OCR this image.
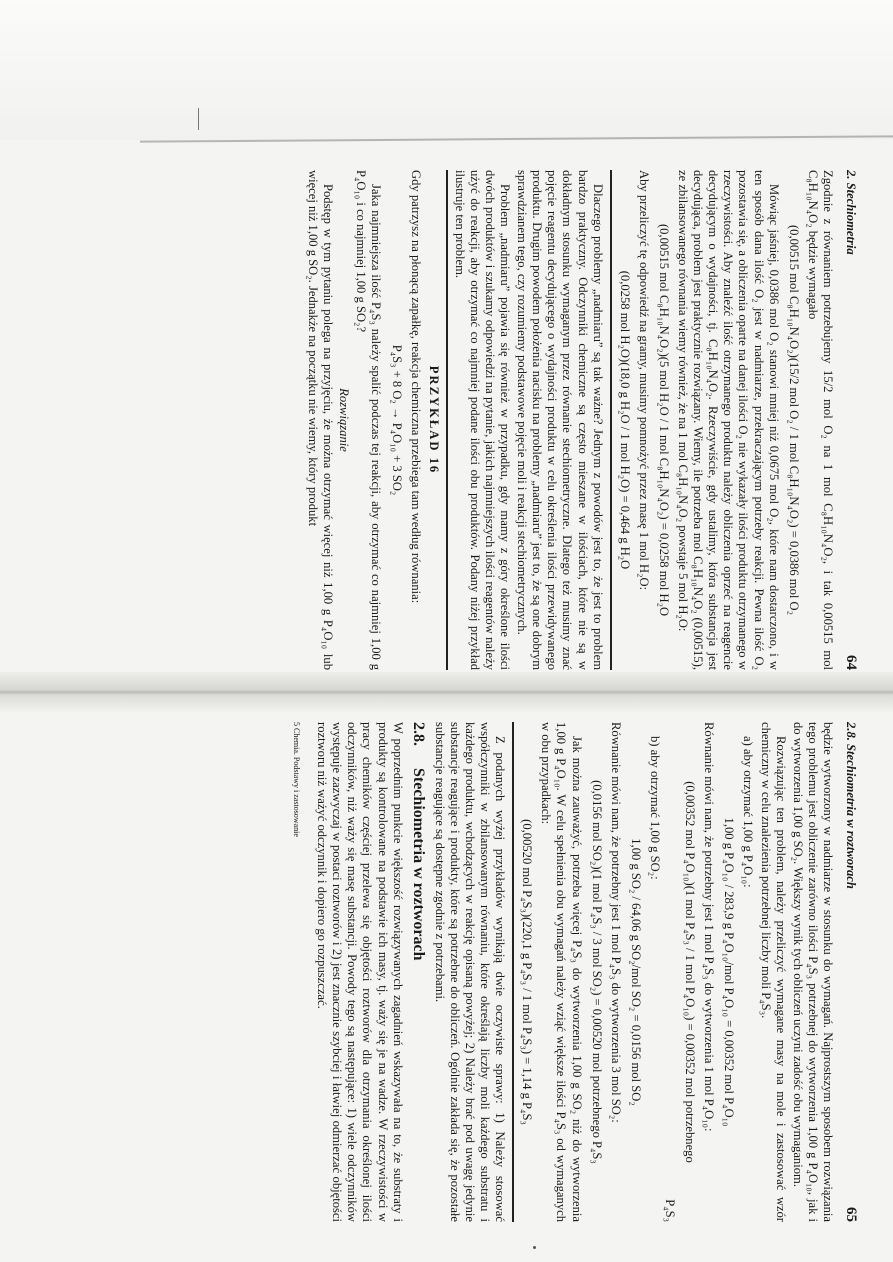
2. Stechiometria
64

Zgodnie z równaniem potrzebujemy 15/2 mol O₂ na 1 mol C₈H₁₀N₄O₂, i tak 0,00515 mol C₈H₁₀N₄O₂ będzie wymagało

(0,00515 mol C₈H₁₀N₄O₂)(15/2 mol O₂ / 1 mol C₈H₁₀N₄O₂) = 0,0386 mol O₂

Mówiąc jaśniej, 0,0386 mol O₂ stanowi mniej niż 0,0675 mol O₂, które nam dostarczono, i w ten sposób dana ilość O₂ jest w nadmiarze, przekraczającym potrzeby reakcji. Pewna ilość O₂ pozostawia się, a obliczenia oparte na danej ilości O₂ nie wykazały ilości produktu otrzymanego w rzeczywistości. Aby znaleźć ilość otrzymanego produktu należy obliczenia oprzeć na reagencie decydującym o wydajności, tj. C₈H₁₀N₄O₂. Rzeczywiście, gdy ustalimy, która substancja jest decydująca, problem jest praktycznie rozwiązany. Wiemy, ile potrzeba mol C₈H₁₀N₄O₂ (0,00515), ze zbilansowanego równania wiemy również, że na 1 mol C₈H₁₀N₄O₂ powstaje 5 mol H₂O:

(0,00515 mol C₈H₁₀N₄O₂)(5 mol H₂O / 1 mol C₈H₁₀N₄O₂) = 0,0258 mol H₂O

Aby przeliczyć tę odpowiedź na gramy, musimy pomnożyć przez masę 1 mol H₂O:

(0,0258 mol H₂O)(18,0 g H₂O / 1 mol H₂O) = 0,464 g H₂O

Dlaczego problemy „nadmiaru” są tak ważne? Jednym z powodów jest to, że jest to problem bardzo praktyczny. Odczynniki chemiczne są często mieszane w ilościach, które nie są w dokładnym stosunku wymaganym przez równanie stechiometryczne. Dlatego też musimy znać pojęcie reagentu decydującego o wydajności produktu w celu określenia ilości przewidywanego produktu. Drugim powodem położenia nacisku na problemy „nadmiaru” jest to, że są one dobrym sprawdzianem tego, czy rozumiemy podstawowe pojęcie moli i reakcji stechiometrycznych.

Problem „nadmiaru” pojawia się również w przypadku, gdy mamy z góry określone ilości dwóch produktów i szukamy odpowiedzi na pytanie, jakich najmniejszych ilości reagentów należy użyć do reakcji, aby otrzymać co najmniej podane ilości obu produktów. Podany niżej przykład ilustruje ten problem.

PRZYKŁAD 16

Gdy patrzysz na płonącą zapałkę, reakcja chemiczna przebiega tam według równania:

P₄S₃ + 8 O₂ → P₄O₁₀ + 3 SO₂

Jaka najmniejsza ilość P₄S₃ należy spalić podczas tej reakcji, aby otrzymać co najmniej 1,00 g P₄O₁₀ i co najmniej 1,00 g SO₂?

Rozwiązanie

Podstęp w tym pytaniu polega na przyjęciu, że można otrzymać więcej niż 1,00 g P₄O₁₀ lub więcej niż 1,00 g SO₂. Jednakże na początku nie wiemy, który produkt

2.8. Stechiometria w roztworach
65

będzie wytworzony w nadmiarze w stosunku do wymagań. Najprostszym sposobem rozwiązania tego problemu jest obliczenie zarówno ilości P₄S₃ potrzebnej do wytworzenia 1,00 g P₄O₁₀, jak i do wytworzenia 1,00 g SO₂. Większy wynik tych obliczeń uczyni zadość obu wymaganiom.

Rozwiązując ten problem, należy przeliczyć wymagane masy na mole i zastosować wzór chemiczny w celu znalezienia potrzebnej liczby moli P₄S₃.

a) aby otrzymać 1,00 g P₄O₁₀:

1,00 g P₄O₁₀ / 283,9 g P₄O₁₀/mol P₄O₁₀ = 0,00352 mol P₄O₁₀

Równanie mówi nam, że potrzebny jest 1 mol P₄S₃ do wytworzenia 1 mol P₄O₁₀:

(0,00352 mol P₄O₁₀)(1 mol P₄S₃ / 1 mol P₄O₁₀) = 0,00352 mol potrzebnego
P₄S₃

b) aby otrzymać 1,00 g SO₂:

1,00 g SO₂ / 64,06 g SO₂/mol SO₂ = 0,0156 mol SO₂

Równanie mówi nam, że potrzebny jest 1 mol P₄S₃ do wytworzenia 3 mol SO₂:

(0,0156 mol SO₂)(1 mol P₄S₃ / 3 mol SO₂) = 0,00520 mol potrzebnego P₄S₃

Jak można zauważyć, potrzeba więcej P₄S₃ do wytworzenia 1,00 g SO₂ niż do wytworzenia 1,00 g P₄O₁₀. W celu spełnienia obu wymagań należy wziąć większe ilości P₄S₃ od wymaganych w obu przypadkach:

(0,00520 mol P₄S₃)(220,1 g P₄S₃ / 1 mol P₄S₃) = 1,14 g P₄S₃

Z podanych wyżej przykładów wynikają dwie oczywiste sprawy: 1) Należy stosować współczynniki w zbilansowanym równaniu, które określają liczby moli każdego substratu i każdego produktu, wchodzących w reakcję opisaną powyżej; 2) Należy brać pod uwagę jedynie substancje reagujące i produkty, które są potrzebne do obliczeń. Ogólnie zakłada się, że pozostałe substancje reagujące są dostępne zgodnie z potrzebami.

2.8.
Stechiometria w roztworach

W poprzednim punkcie większość rozwiązywanych zagadnień wskazywała na to, że substraty i produkty są kontrolowane na podstawie ich masy, tj. waży się je na wadze. W rzeczywistości w pracy chemików częściej przelewa się objętości roztworów dla otrzymania określonej ilości odczynników, niż waży się masę substancji. Powody tego są następujące: 1) wiele odczynników występuje zazwyczaj w postaci roztworów i 2) jest znacznie szybciej i łatwiej odmierzać objętości roztworu niż ważyć odczynnik i dopiero go rozpuszczać.

5 Chemia. Podstawy i zastosowanie
